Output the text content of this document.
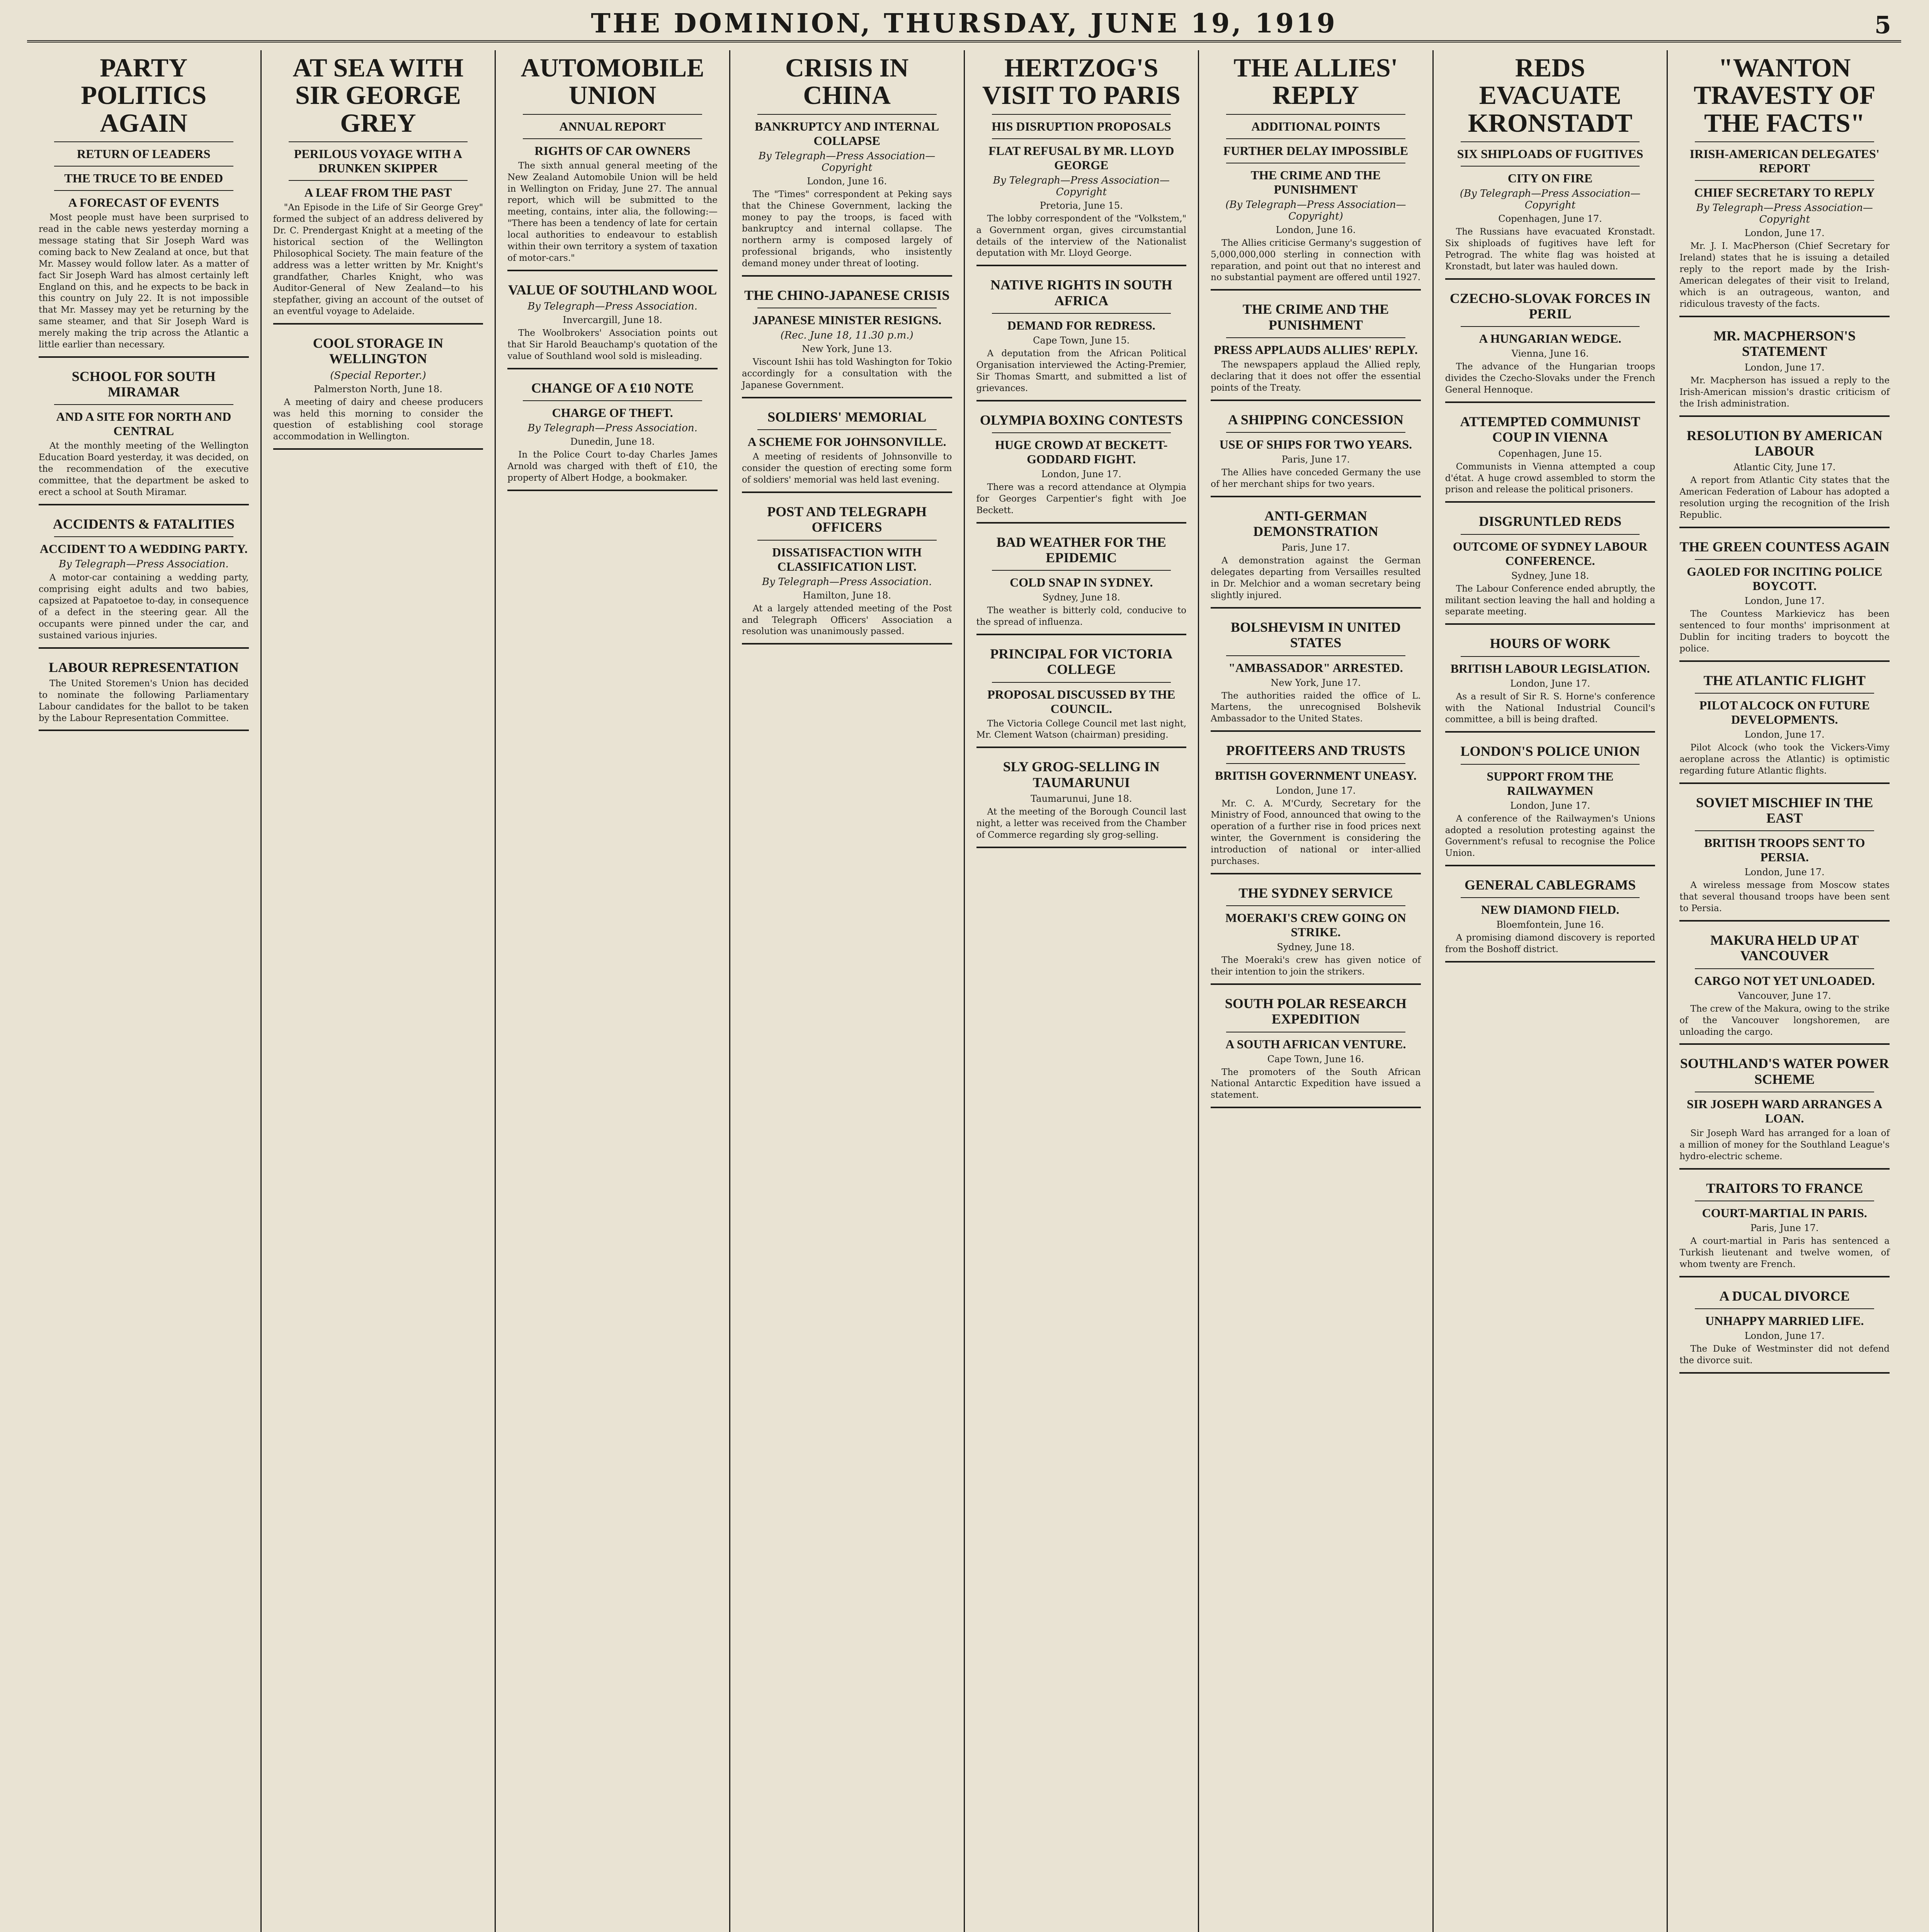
THE DOMINION, THURSDAY, JUNE 19, 1919	5
PARTY POLITICS AGAIN
RETURN OF LEADERS
THE TRUCE TO BE ENDED
A FORECAST OF EVENTS

Most people must have been surprised to read in the cable news yesterday morning a message stating that Sir Joseph Ward was coming back to New Zealand at once, but that Mr. Massey would follow later. As a matter of fact Sir Joseph Ward has almost certainly left England on this, and he expects to be back in this country on July 22. It is not impossible that Mr. Massey may yet be returning by the same steamer, and that Sir Joseph Ward is merely making the trip across the Atlantic a little earlier than necessary.

SCHOOL FOR SOUTH MIRAMAR
AND A SITE FOR NORTH AND CENTRAL

At the monthly meeting of the Wellington Education Board yesterday, it was decided, on the recommendation of the executive committee, that the department be asked to erect a school at South Miramar.

ACCIDENTS & FATALITIES
ACCIDENT TO A WEDDING PARTY.
By Telegraph—Press Association.

A motor-car containing a wedding party, comprising eight adults and two babies, capsized at Papatoetoe to-day, in consequence of a defect in the steering gear. All the occupants were pinned under the car, and sustained various injuries.

LABOUR REPRESENTATION

The United Storemen's Union has decided to nominate the following Parliamentary Labour candidates for the ballot to be taken by the Labour Representation Committee.

AT SEA WITH SIR GEORGE GREY
PERILOUS VOYAGE WITH A DRUNKEN SKIPPER
A LEAF FROM THE PAST

"An Episode in the Life of Sir George Grey" formed the subject of an address delivered by Dr. C. Prendergast Knight at a meeting of the historical section of the Wellington Philosophical Society. The main feature of the address was a letter written by Mr. Knight's grandfather, Charles Knight, who was Auditor-General of New Zealand—to his stepfather, giving an account of the outset of an eventful voyage to Adelaide.

COOL STORAGE IN WELLINGTON
(Special Reporter.)
Palmerston North, June 18.

A meeting of dairy and cheese producers was held this morning to consider the question of establishing cool storage accommodation in Wellington.

AUTOMOBILE UNION
ANNUAL REPORT
RIGHTS OF CAR OWNERS

The sixth annual general meeting of the New Zealand Automobile Union will be held in Wellington on Friday, June 27. The annual report, which will be submitted to the meeting, contains, inter alia, the following:— "There has been a tendency of late for certain local authorities to endeavour to establish within their own territory a system of taxation of motor-cars."

VALUE OF SOUTHLAND WOOL
By Telegraph—Press Association.
Invercargill, June 18.

The Woolbrokers' Association points out that Sir Harold Beauchamp's quotation of the value of Southland wool sold is misleading.

CHANGE OF A £10 NOTE
CHARGE OF THEFT.
By Telegraph—Press Association.
Dunedin, June 18.

In the Police Court to-day Charles James Arnold was charged with theft of £10, the property of Albert Hodge, a bookmaker.

CRISIS IN CHINA
BANKRUPTCY AND INTERNAL COLLAPSE
By Telegraph—Press Association—Copyright
London, June 16.

The "Times" correspondent at Peking says that the Chinese Government, lacking the money to pay the troops, is faced with bankruptcy and internal collapse. The northern army is composed largely of professional brigands, who insistently demand money under threat of looting.

THE CHINO-JAPANESE CRISIS
JAPANESE MINISTER RESIGNS.
(Rec. June 18, 11.30 p.m.)
New York, June 13.

Viscount Ishii has told Washington for Tokio accordingly for a consultation with the Japanese Government.

SOLDIERS' MEMORIAL
A SCHEME FOR JOHNSONVILLE.

A meeting of residents of Johnsonville to consider the question of erecting some form of soldiers' memorial was held last evening.

POST AND TELEGRAPH OFFICERS
DISSATISFACTION WITH CLASSIFICATION LIST.
By Telegraph—Press Association.
Hamilton, June 18.

At a largely attended meeting of the Post and Telegraph Officers' Association a resolution was unanimously passed.

HERTZOG'S VISIT TO PARIS
HIS DISRUPTION PROPOSALS
FLAT REFUSAL BY MR. LLOYD GEORGE
By Telegraph—Press Association—Copyright
Pretoria, June 15.

The lobby correspondent of the "Volkstem," a Government organ, gives circumstantial details of the interview of the Nationalist deputation with Mr. Lloyd George.

NATIVE RIGHTS IN SOUTH AFRICA
DEMAND FOR REDRESS.
Cape Town, June 15.

A deputation from the African Political Organisation interviewed the Acting-Premier, Sir Thomas Smartt, and submitted a list of grievances.

OLYMPIA BOXING CONTESTS
HUGE CROWD AT BECKETT-GODDARD FIGHT.
London, June 17.

There was a record attendance at Olympia for Georges Carpentier's fight with Joe Beckett.

BAD WEATHER FOR THE EPIDEMIC
COLD SNAP IN SYDNEY.
Sydney, June 18.

The weather is bitterly cold, conducive to the spread of influenza.

PRINCIPAL FOR VICTORIA COLLEGE
PROPOSAL DISCUSSED BY THE COUNCIL.

The Victoria College Council met last night, Mr. Clement Watson (chairman) presiding.

SLY GROG-SELLING IN TAUMARUNUI
Taumarunui, June 18.

At the meeting of the Borough Council last night, a letter was received from the Chamber of Commerce regarding sly grog-selling.

THE ALLIES' REPLY
ADDITIONAL POINTS
FURTHER DELAY IMPOSSIBLE
THE CRIME AND THE PUNISHMENT
(By Telegraph—Press Association—Copyright)
London, June 16.

The Allies criticise Germany's suggestion of 5,000,000,000 sterling in connection with reparation, and point out that no interest and no substantial payment are offered until 1927.

THE CRIME AND THE PUNISHMENT
PRESS APPLAUDS ALLIES' REPLY.

The newspapers applaud the Allied reply, declaring that it does not offer the essential points of the Treaty.

A SHIPPING CONCESSION
USE OF SHIPS FOR TWO YEARS.
Paris, June 17.

The Allies have conceded Germany the use of her merchant ships for two years.

ANTI-GERMAN DEMONSTRATION
Paris, June 17.

A demonstration against the German delegates departing from Versailles resulted in Dr. Melchior and a woman secretary being slightly injured.

BOLSHEVISM IN UNITED STATES
"AMBASSADOR" ARRESTED.
New York, June 17.

The authorities raided the office of L. Martens, the unrecognised Bolshevik Ambassador to the United States.

PROFITEERS AND TRUSTS
BRITISH GOVERNMENT UNEASY.
London, June 17.

Mr. C. A. M'Curdy, Secretary for the Ministry of Food, announced that owing to the operation of a further rise in food prices next winter, the Government is considering the introduction of national or inter-allied purchases.

THE SYDNEY SERVICE
MOERAKI'S CREW GOING ON STRIKE.
Sydney, June 18.

The Moeraki's crew has given notice of their intention to join the strikers.

SOUTH POLAR RESEARCH EXPEDITION
A SOUTH AFRICAN VENTURE.
Cape Town, June 16.

The promoters of the South African National Antarctic Expedition have issued a statement.

REDS EVACUATE KRONSTADT
SIX SHIPLOADS OF FUGITIVES
CITY ON FIRE
(By Telegraph—Press Association—Copyright
Copenhagen, June 17.

The Russians have evacuated Kronstadt. Six shiploads of fugitives have left for Petrograd. The white flag was hoisted at Kronstadt, but later was hauled down.

CZECHO-SLOVAK FORCES IN PERIL
A HUNGARIAN WEDGE.
Vienna, June 16.

The advance of the Hungarian troops divides the Czecho-Slovaks under the French General Hennoque.

ATTEMPTED COMMUNIST COUP IN VIENNA
Copenhagen, June 15.

Communists in Vienna attempted a coup d'état. A huge crowd assembled to storm the prison and release the political prisoners.

DISGRUNTLED REDS
OUTCOME OF SYDNEY LABOUR CONFERENCE.
Sydney, June 18.

The Labour Conference ended abruptly, the militant section leaving the hall and holding a separate meeting.

HOURS OF WORK
BRITISH LABOUR LEGISLATION.
London, June 17.

As a result of Sir R. S. Horne's conference with the National Industrial Council's committee, a bill is being drafted.

LONDON'S POLICE UNION
SUPPORT FROM THE RAILWAYMEN
London, June 17.

A conference of the Railwaymen's Unions adopted a resolution protesting against the Government's refusal to recognise the Police Union.

GENERAL CABLEGRAMS
NEW DIAMOND FIELD.
Bloemfontein, June 16.

A promising diamond discovery is reported from the Boshoff district.

"WANTON TRAVESTY OF THE FACTS"
IRISH-AMERICAN DELEGATES' REPORT
CHIEF SECRETARY TO REPLY
By Telegraph—Press Association—Copyright
London, June 17.

Mr. J. I. MacPherson (Chief Secretary for Ireland) states that he is issuing a detailed reply to the report made by the Irish-American delegates of their visit to Ireland, which is an outrageous, wanton, and ridiculous travesty of the facts.

MR. MACPHERSON'S STATEMENT
London, June 17.

Mr. Macpherson has issued a reply to the Irish-American mission's drastic criticism of the Irish administration.

RESOLUTION BY AMERICAN LABOUR
Atlantic City, June 17.

A report from Atlantic City states that the American Federation of Labour has adopted a resolution urging the recognition of the Irish Republic.

THE GREEN COUNTESS AGAIN
GAOLED FOR INCITING POLICE BOYCOTT.
London, June 17.

The Countess Markievicz has been sentenced to four months' imprisonment at Dublin for inciting traders to boycott the police.

THE ATLANTIC FLIGHT
PILOT ALCOCK ON FUTURE DEVELOPMENTS.
London, June 17.

Pilot Alcock (who took the Vickers-Vimy aeroplane across the Atlantic) is optimistic regarding future Atlantic flights.

SOVIET MISCHIEF IN THE EAST
BRITISH TROOPS SENT TO PERSIA.
London, June 17.

A wireless message from Moscow states that several thousand troops have been sent to Persia.

MAKURA HELD UP AT VANCOUVER
CARGO NOT YET UNLOADED.
Vancouver, June 17.

The crew of the Makura, owing to the strike of the Vancouver longshoremen, are unloading the cargo.

SOUTHLAND'S WATER POWER SCHEME
SIR JOSEPH WARD ARRANGES A LOAN.

Sir Joseph Ward has arranged for a loan of a million of money for the Southland League's hydro-electric scheme.

TRAITORS TO FRANCE
COURT-MARTIAL IN PARIS.
Paris, June 17.

A court-martial in Paris has sentenced a Turkish lieutenant and twelve women, of whom twenty are French.

A DUCAL DIVORCE
UNHAPPY MARRIED LIFE.
London, June 17.

The Duke of Westminster did not defend the divorce suit.
